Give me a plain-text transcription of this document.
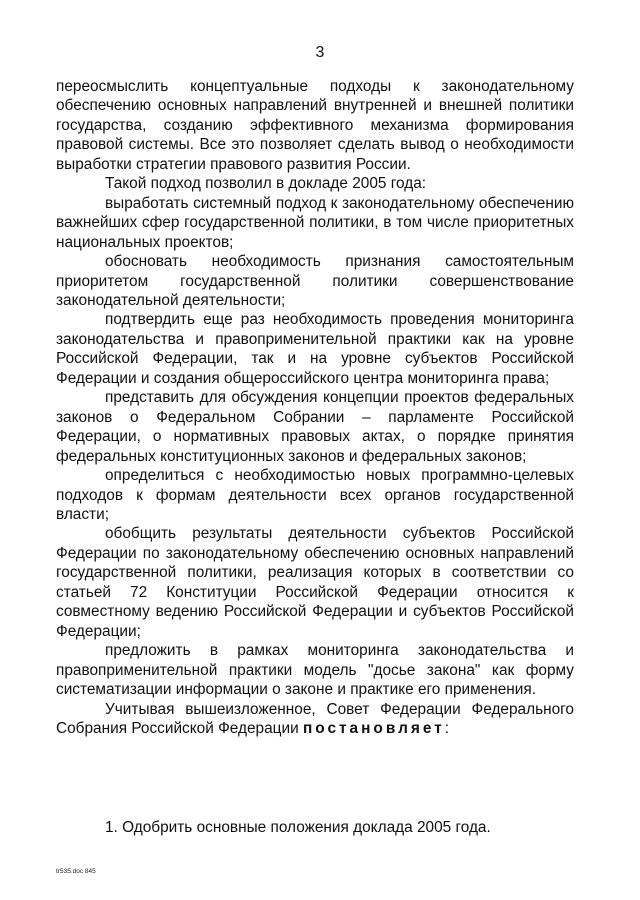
3

переосмыслить концептуальные подходы к законодательному обеспечению основных направлений внутренней и внешней политики государства, созданию эффективного механизма формирования правовой системы. Все это позволяет сделать вывод о необходимости выработки стратегии правового развития России.

Такой подход позволил в докладе 2005 года:

выработать системный подход к законодательному обеспечению важнейших сфер государственной политики, в том числе приоритетных национальных проектов;

обосновать необходимость признания самостоятельным приоритетом государственной политики совершенствование законодательной деятельности;

подтвердить еще раз необходимость проведения мониторинга законодательства и правоприменительной практики как на уровне Российской Федерации, так и на уровне субъектов Российской Федерации и создания общероссийского центра мониторинга права;

представить для обсуждения концепции проектов федеральных законов о Федеральном Собрании – парламенте Российской Федерации, о нормативных правовых актах, о порядке принятия федеральных конституционных законов и федеральных законов;

определиться с необходимостью новых программно-целевых подходов к формам деятельности всех органов государственной власти;

обобщить результаты деятельности субъектов Российской Федерации по законодательному обеспечению основных направлений государственной политики, реализация которых в соответствии со статьей 72 Конституции Российской Федерации относится к совместному ведению Российской Федерации и субъектов Российской Федерации;

предложить в рамках мониторинга законодательства и правоприменительной практики модель "досье закона" как форму систематизации информации о законе и практике его применения.

Учитывая вышеизложенное, Совет Федерации Федерального Собрания Российской Федерации постановляет:

1. Одобрить основные положения доклада 2005 года.

tr535.doc 845
